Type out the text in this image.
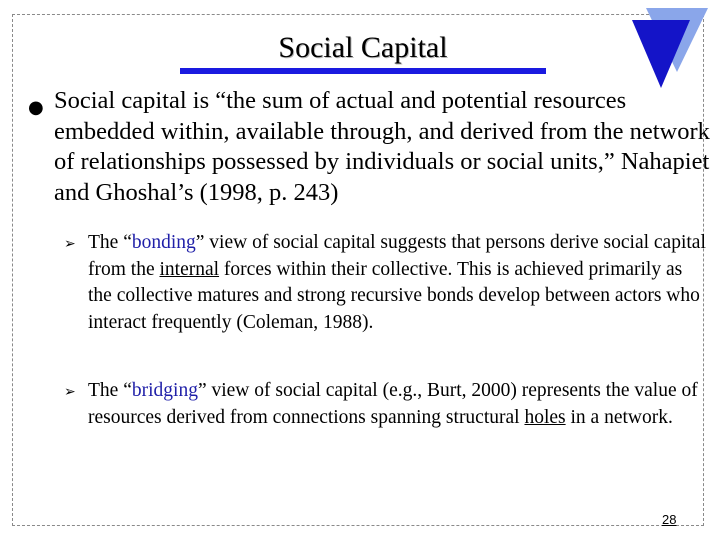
Social Capital
● Social capital is “the sum of actual and potential resources embedded within, available through, and derived from the network of relationships possessed by individuals or social units,” Nahapiet and Ghoshal’s (1998, p. 243)
➢ The “bonding” view of social capital suggests that persons derive social capital from the internal forces within their collective. This is achieved primarily as the collective matures and strong recursive bonds develop between actors who interact frequently (Coleman, 1988).
➢ The “bridging” view of social capital (e.g., Burt, 2000) represents the value of resources derived from connections spanning structural holes in a network.
28
